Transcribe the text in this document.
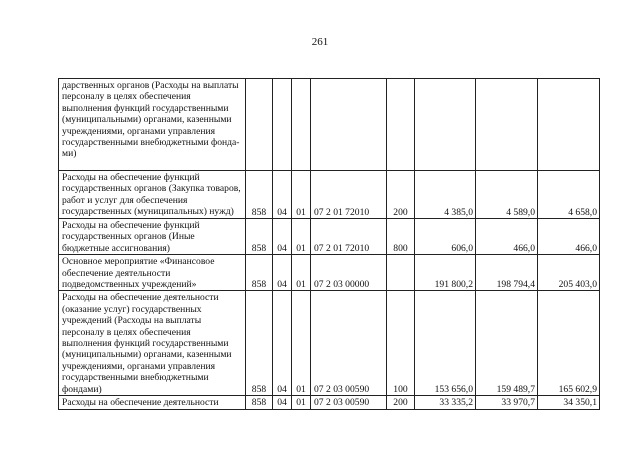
261
дарственных органов (Расходы на выплаты персоналу в целях обеспечения выполнения функций государственными (муниципальными) органами, казенными учреждениями, органами управления государственными внебюджетными фонда-ми)								
Расходы на обеспечение функций государственных органов (Закупка товаров, работ и услуг для обеспечения государственных (муниципальных) нужд)	858	04	01	07 2 01 72010	200	4 385,0	4 589,0	4 658,0
Расходы на обеспечение функций государственных органов (Иные бюджетные ассигнования)	858	04	01	07 2 01 72010	800	606,0	466,0	466,0
Основное мероприятие «Финансовое обеспечение деятельности подведомственных учреждений»	858	04	01	07 2 03 00000		191 800,2	198 794,4	205 403,0
Расходы на обеспечение деятельности (оказание услуг) государственных учреждений (Расходы на выплаты персоналу в целях обеспечения выполнения функций государственными (муниципальными) органами, казенными учреждениями, органами управления государственными внебюджетными фондами)	858	04	01	07 2 03 00590	100	153 656,0	159 489,7	165 602,9
Расходы на обеспечение деятельности	858	04	01	07 2 03 00590	200	33 335,2	33 970,7	34 350,1
